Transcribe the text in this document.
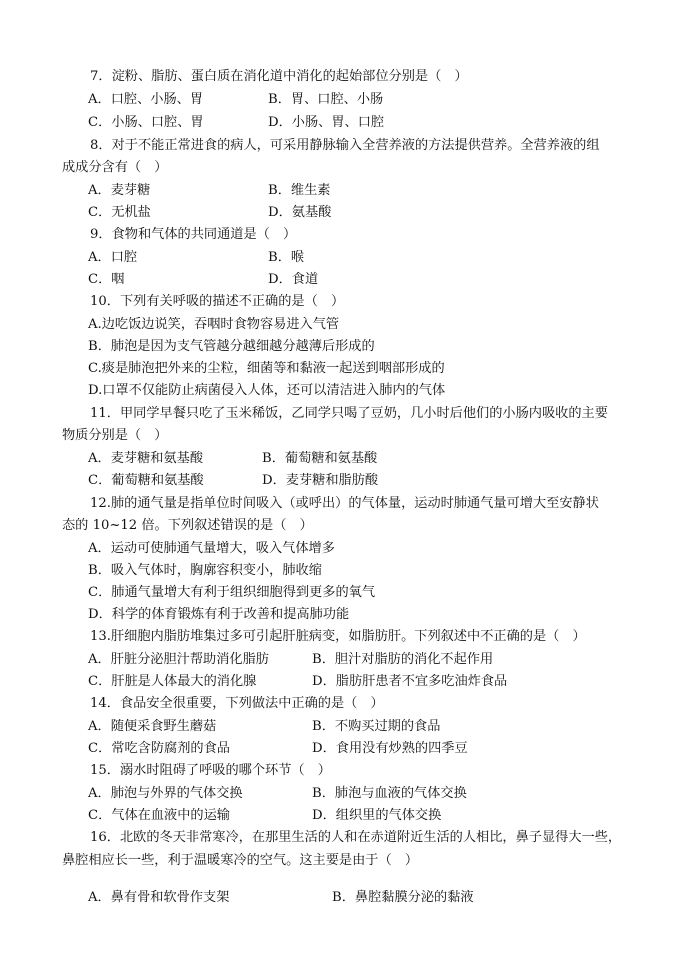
7．淀粉、脂肪、蛋白质在消化道中消化的起始部位分别是（　）
A．口腔、小肠、胃	B．胃、口腔、小肠
C．小肠、口腔、胃	D．小肠、胃、口腔
8．对于不能正常进食的病人，可采用静脉输入全营养液的方法提供营养。全营养液的组
成成分含有（　）
A．麦芽糖	B．维生素
C．无机盐	D．氨基酸
9．食物和气体的共同通道是（　）
A．口腔	B．喉
C．咽	D．食道
10．下列有关呼吸的描述不正确的是（　）
A.边吃饭边说笑，吞咽时食物容易进入气管
B．肺泡是因为支气管越分越细越分越薄后形成的
C.痰是肺泡把外来的尘粒，细菌等和黏液一起送到咽部形成的
D.口罩不仅能防止病菌侵入人体，还可以清洁进入肺内的气体
11．甲同学早餐只吃了玉米稀饭，乙同学只喝了豆奶，几小时后他们的小肠内吸收的主要
物质分别是（　）
A．麦芽糖和氨基酸	B．葡萄糖和氨基酸
C．葡萄糖和氨基酸	D．麦芽糖和脂肪酸
12.肺的通气量是指单位时间吸入（或呼出）的气体量，运动时肺通气量可增大至安静状
态的 10~12 倍。下列叙述错误的是（　）
A．运动可使肺通气量增大，吸入气体增多
B．吸入气体时，胸廓容积变小，肺收缩
C．肺通气量增大有利于组织细胞得到更多的氧气
D．科学的体育锻炼有利于改善和提高肺功能
13.肝细胞内脂肪堆集过多可引起肝脏病变，如脂肪肝。下列叙述中不正确的是（　）
A．肝脏分泌胆汁帮助消化脂肪	B．胆汁对脂肪的消化不起作用
C．肝脏是人体最大的消化腺	D．脂肪肝患者不宜多吃油炸食品
14．食品安全很重要，下列做法中正确的是（　）
A．随便采食野生蘑菇	B．不购买过期的食品
C．常吃含防腐剂的食品	D．食用没有炒熟的四季豆
15．溺水时阻碍了呼吸的哪个环节（　）
A．肺泡与外界的气体交换	B．肺泡与血液的气体交换
C．气体在血液中的运输	D．组织里的气体交换
16．北欧的冬天非常寒冷，在那里生活的人和在赤道附近生活的人相比，鼻子显得大一些，
鼻腔相应长一些，利于温暖寒冷的空气。这主要是由于（　）
A．鼻有骨和软骨作支架	B．鼻腔黏膜分泌的黏液
